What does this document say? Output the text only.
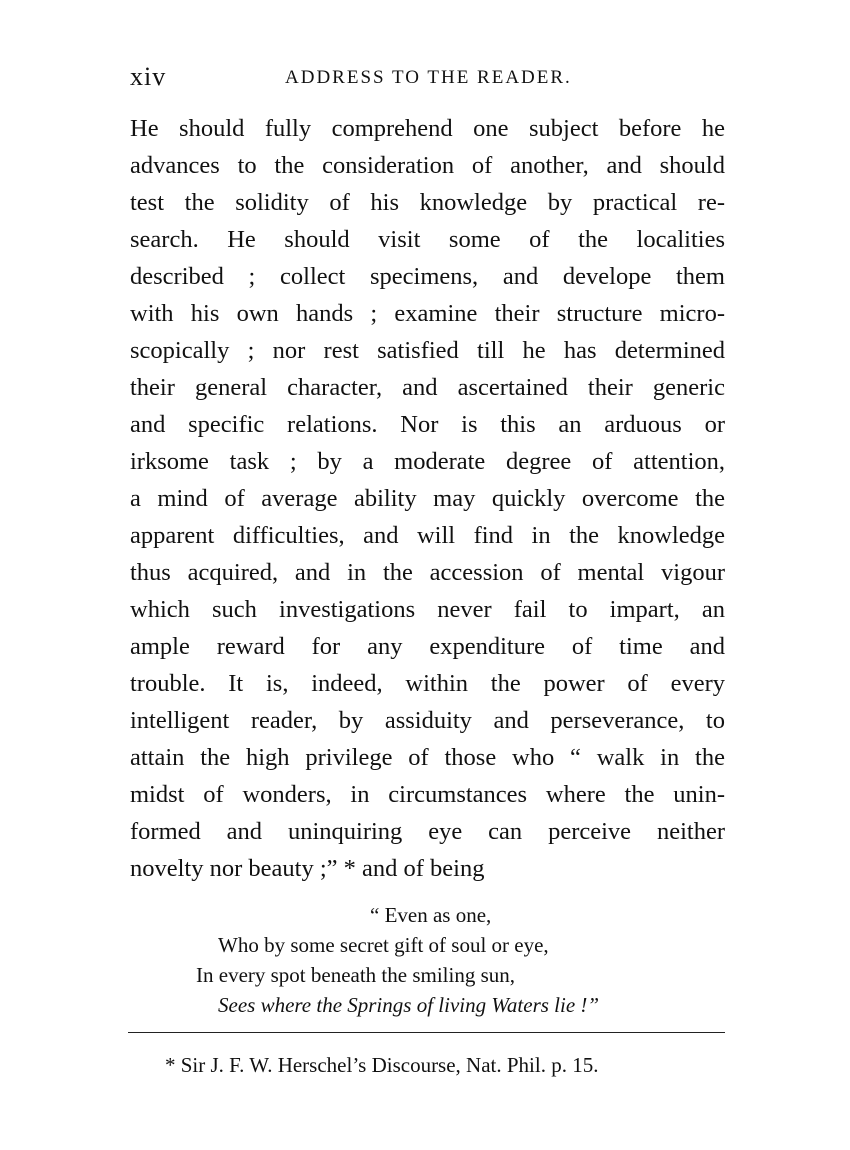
xiv	ADDRESS TO THE READER.
He should fully comprehend one subject before he
advances to the consideration of another, and should
test the solidity of his knowledge by practical re-
search. He should visit some of the localities
described ; collect specimens, and develope them
with his own hands ; examine their structure micro-
scopically ; nor rest satisfied till he has determined
their general character, and ascertained their generic
and specific relations. Nor is this an arduous or
irksome task ; by a moderate degree of attention,
a mind of average ability may quickly overcome the
apparent difficulties, and will find in the knowledge
thus acquired, and in the accession of mental vigour
which such investigations never fail to impart, an
ample reward for any expenditure of time and
trouble. It is, indeed, within the power of every
intelligent reader, by assiduity and perseverance, to
attain the high privilege of those who “ walk in the
midst of wonders, in circumstances where the unin-
formed and uninquiring eye can perceive neither
novelty nor beauty ;” * and of being
“ Even as one,
Who by some secret gift of soul or eye,
In every spot beneath the smiling sun,
Sees where the Springs of living Waters lie !”
* Sir J. F. W. Herschel’s Discourse, Nat. Phil. p. 15.
